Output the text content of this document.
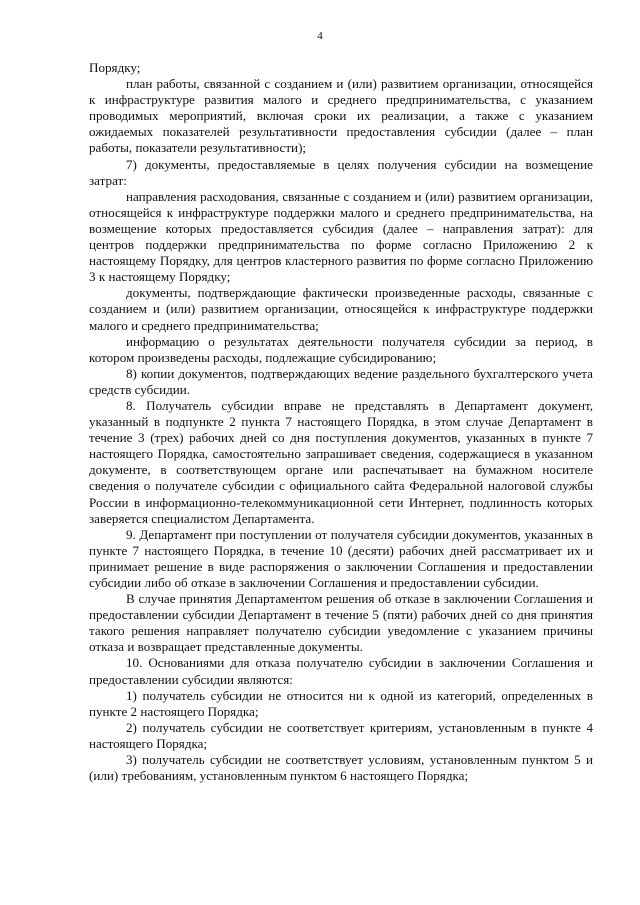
4

Порядку;

план работы, связанной с созданием и (или) развитием организации, относящейся к инфраструктуре развития малого и среднего предпринимательства, с указанием проводимых мероприятий, включая сроки их реализации, а также с указанием ожидаемых показателей результативности предоставления субсидии (далее – план работы, показатели результативности);

7) документы, предоставляемые в целях получения субсидии на возмещение затрат:

направления расходования, связанные с созданием и (или) развитием организации, относящейся к инфраструктуре поддержки малого и среднего предпринимательства, на возмещение которых предоставляется субсидия (далее – направления затрат): для центров поддержки предпринимательства по форме согласно Приложению 2 к настоящему Порядку, для центров кластерного развития по форме согласно Приложению 3 к настоящему Порядку;

документы, подтверждающие фактически произведенные расходы, связанные с созданием и (или) развитием организации, относящейся к инфраструктуре поддержки малого и среднего предпринимательства;

информацию о результатах деятельности получателя субсидии за период, в котором произведены расходы, подлежащие субсидированию;

8) копии документов, подтверждающих ведение раздельного бухгалтерского учета средств субсидии.

8. Получатель субсидии вправе не представлять в Департамент документ, указанный в подпункте 2 пункта 7 настоящего Порядка, в этом случае Департамент в течение 3 (трех) рабочих дней со дня поступления документов, указанных в пункте 7 настоящего Порядка, самостоятельно запрашивает сведения, содержащиеся в указанном документе, в соответствующем органе или распечатывает на бумажном носителе сведения о получателе субсидии с официального сайта Федеральной налоговой службы России в информационно-телекоммуникационной сети Интернет, подлинность которых заверяется специалистом Департамента.

9. Департамент при поступлении от получателя субсидии документов, указанных в пункте 7 настоящего Порядка, в течение 10 (десяти) рабочих дней рассматривает их и принимает решение в виде распоряжения о заключении Соглашения и предоставлении субсидии либо об отказе в заключении Соглашения и предоставлении субсидии.

В случае принятия Департаментом решения об отказе в заключении Соглашения и предоставлении субсидии Департамент в течение 5 (пяти) рабочих дней со дня принятия такого решения направляет получателю субсидии уведомление с указанием причины отказа и возвращает представленные документы.

10. Основаниями для отказа получателю субсидии в заключении Соглашения и предоставлении субсидии являются:

1) получатель субсидии не относится ни к одной из категорий, определенных в пункте 2 настоящего Порядка;

2) получатель субсидии не соответствует критериям, установленным в пункте 4 настоящего Порядка;

3) получатель субсидии не соответствует условиям, установленным пунктом 5 и (или) требованиям, установленным пунктом 6 настоящего Порядка;
